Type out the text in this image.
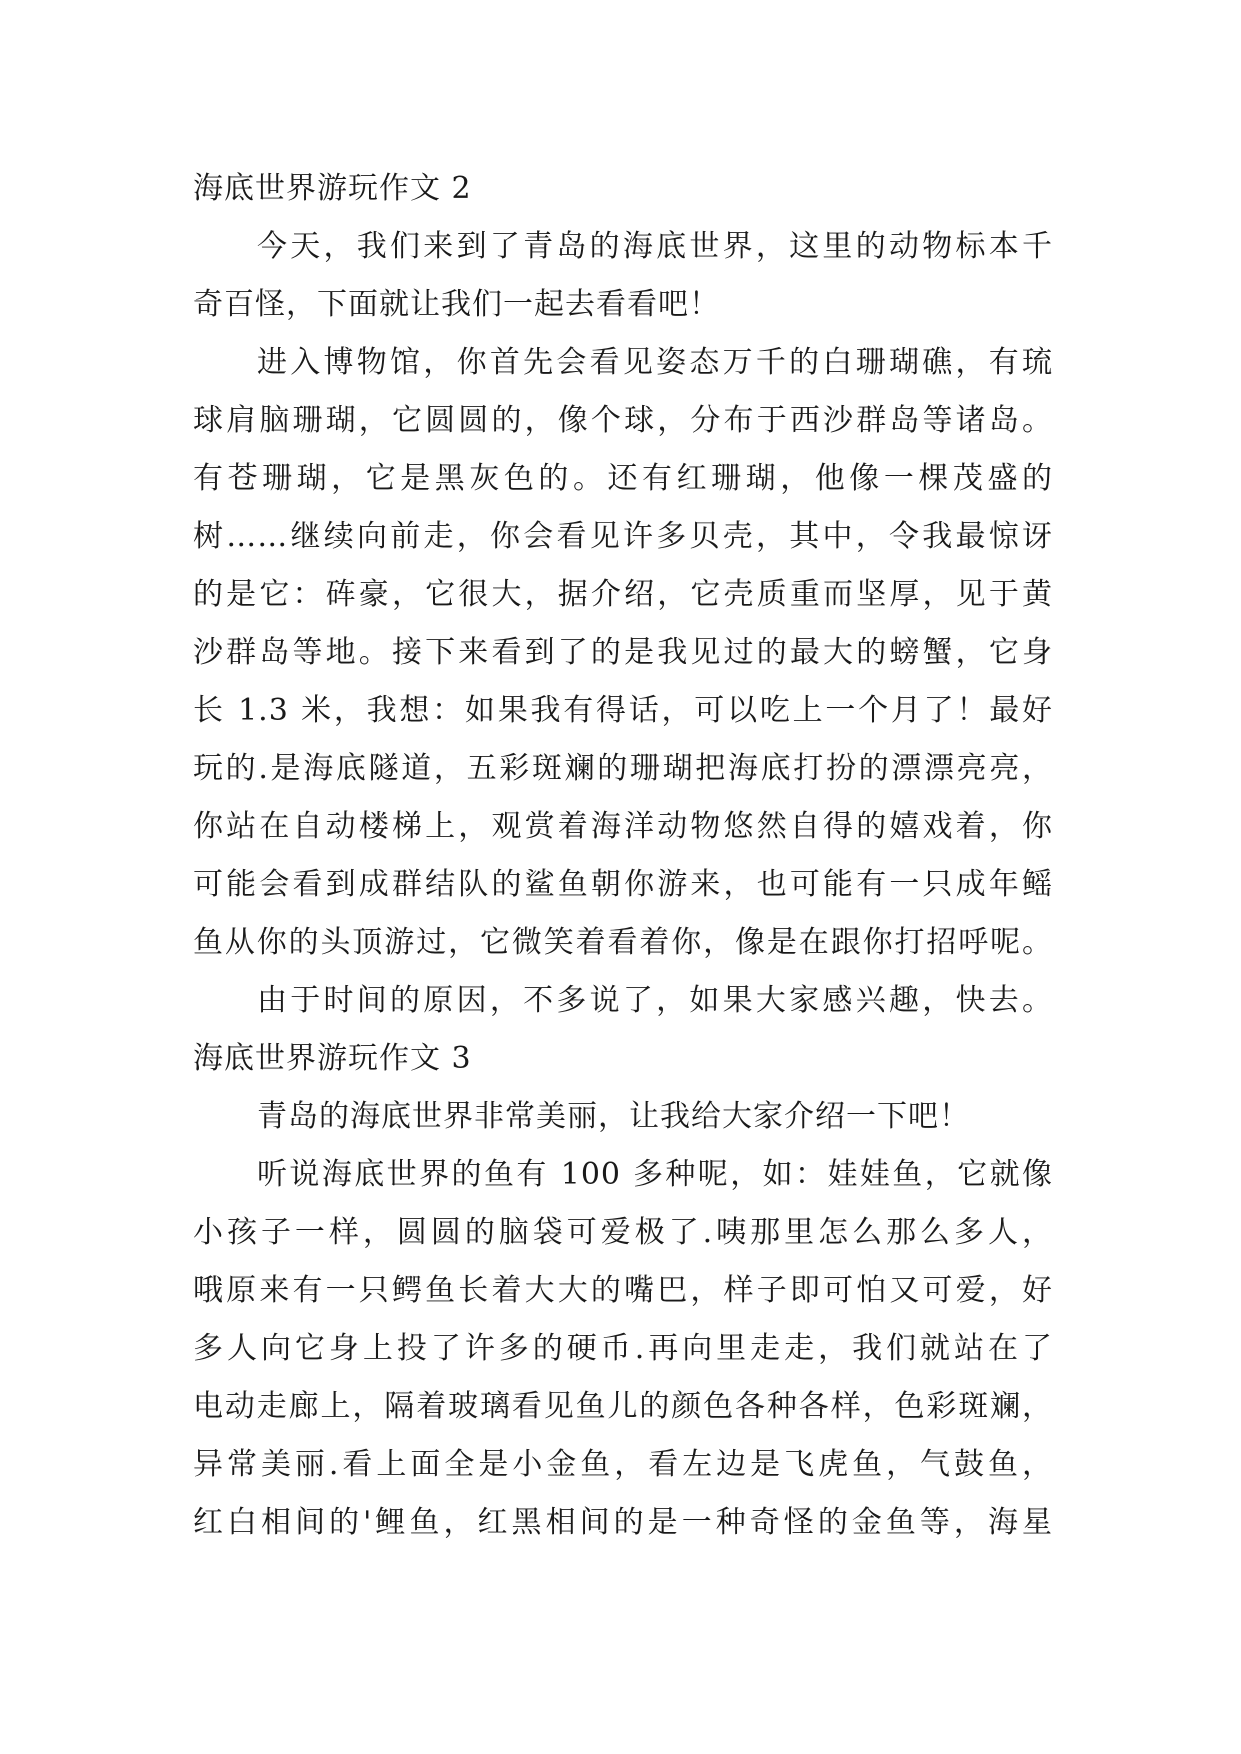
海底世界游玩作文 2
今天，我们来到了青岛的海底世界，这里的动物标本千
奇百怪，下面就让我们一起去看看吧！
进入博物馆，你首先会看见姿态万千的白珊瑚礁，有琉
球肩脑珊瑚，它圆圆的，像个球，分布于西沙群岛等诸岛。
有苍珊瑚，它是黑灰色的。还有红珊瑚，他像一棵茂盛的
树……继续向前走，你会看见许多贝壳，其中，令我最惊讶
的是它：砗豪，它很大，据介绍，它壳质重而坚厚，见于黄
沙群岛等地。接下来看到了的是我见过的最大的螃蟹，它身
长 1.3 米，我想：如果我有得话，可以吃上一个月了！最好
玩的.是海底隧道，五彩斑斓的珊瑚把海底打扮的漂漂亮亮，
你站在自动楼梯上，观赏着海洋动物悠然自得的嬉戏着，你
可能会看到成群结队的鲨鱼朝你游来，也可能有一只成年鳐
鱼从你的头顶游过，它微笑着看着你，像是在跟你打招呼呢。
由于时间的原因，不多说了，如果大家感兴趣，快去。
海底世界游玩作文 3
青岛的海底世界非常美丽，让我给大家介绍一下吧！
听说海底世界的鱼有 100 多种呢，如：娃娃鱼，它就像
小孩子一样，圆圆的脑袋可爱极了.咦那里怎么那么多人，
哦原来有一只鳄鱼长着大大的嘴巴，样子即可怕又可爱，好
多人向它身上投了许多的硬币.再向里走走，我们就站在了
电动走廊上，隔着玻璃看见鱼儿的颜色各种各样，色彩斑斓，
异常美丽.看上面全是小金鱼，看左边是飞虎鱼，气鼓鱼，
红白相间的'鲤鱼，红黑相间的是一种奇怪的金鱼等，海星
